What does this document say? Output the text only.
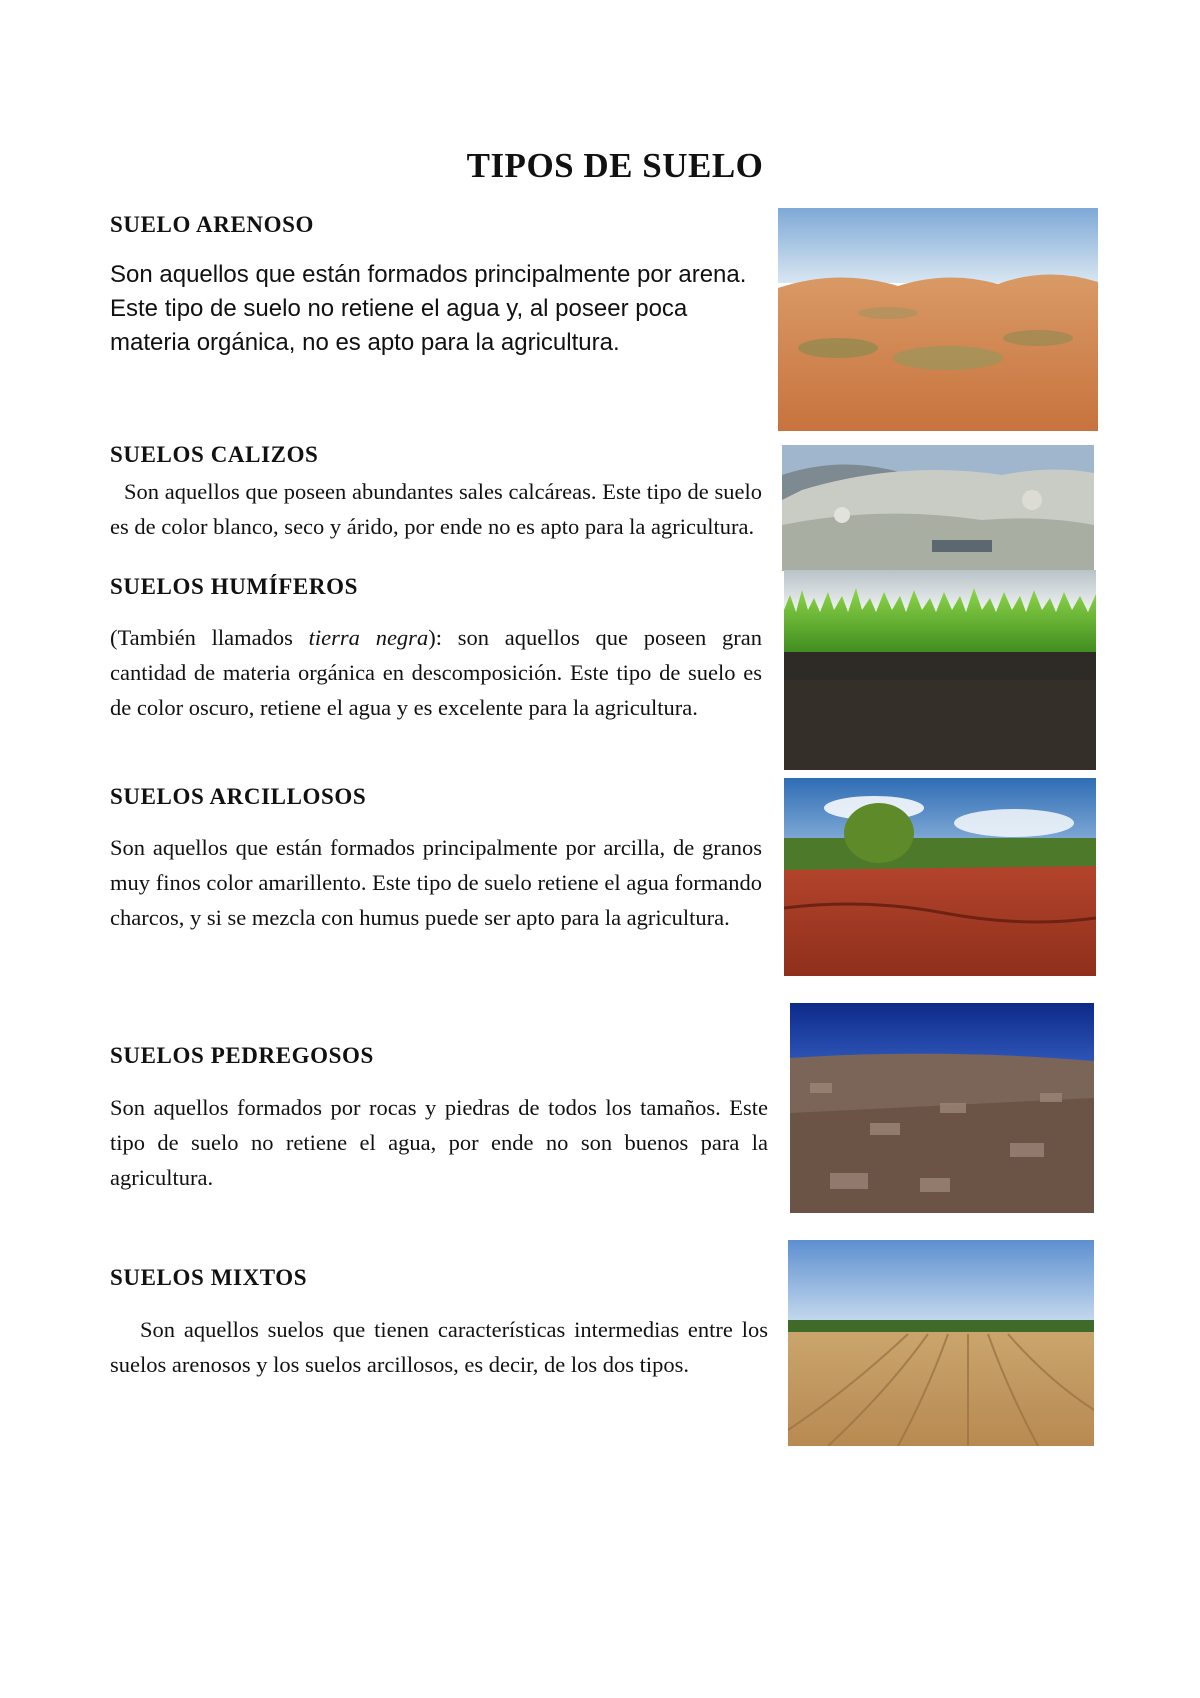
TIPOS DE SUELO
SUELO ARENOSO
Son aquellos que están formados principalmente por arena. Este tipo de suelo no retiene el agua y, al poseer poca materia orgánica, no es apto para la agricultura.
SUELOS CALIZOS
Son aquellos que poseen abundantes sales calcáreas. Este tipo de suelo es de color blanco, seco y árido, por ende no es apto para la agricultura.
SUELOS HUMÍFEROS
(También llamados tierra negra): son aquellos que poseen gran cantidad de materia orgánica en descomposición. Este tipo de suelo es de color oscuro, retiene el agua y es excelente para la agricultura.
SUELOS ARCILLOSOS
Son aquellos que están formados principalmente por arcilla, de granos muy finos color amarillento. Este tipo de suelo retiene el agua formando charcos, y si se mezcla con humus puede ser apto para la agricultura.
SUELOS PEDREGOSOS
Son aquellos formados por rocas y piedras de todos los tamaños. Este tipo de suelo no retiene el agua, por ende no son buenos para la agricultura.
SUELOS MIXTOS
Son aquellos suelos que tienen características intermedias entre los suelos arenosos y los suelos arcillosos, es decir, de los dos tipos.
